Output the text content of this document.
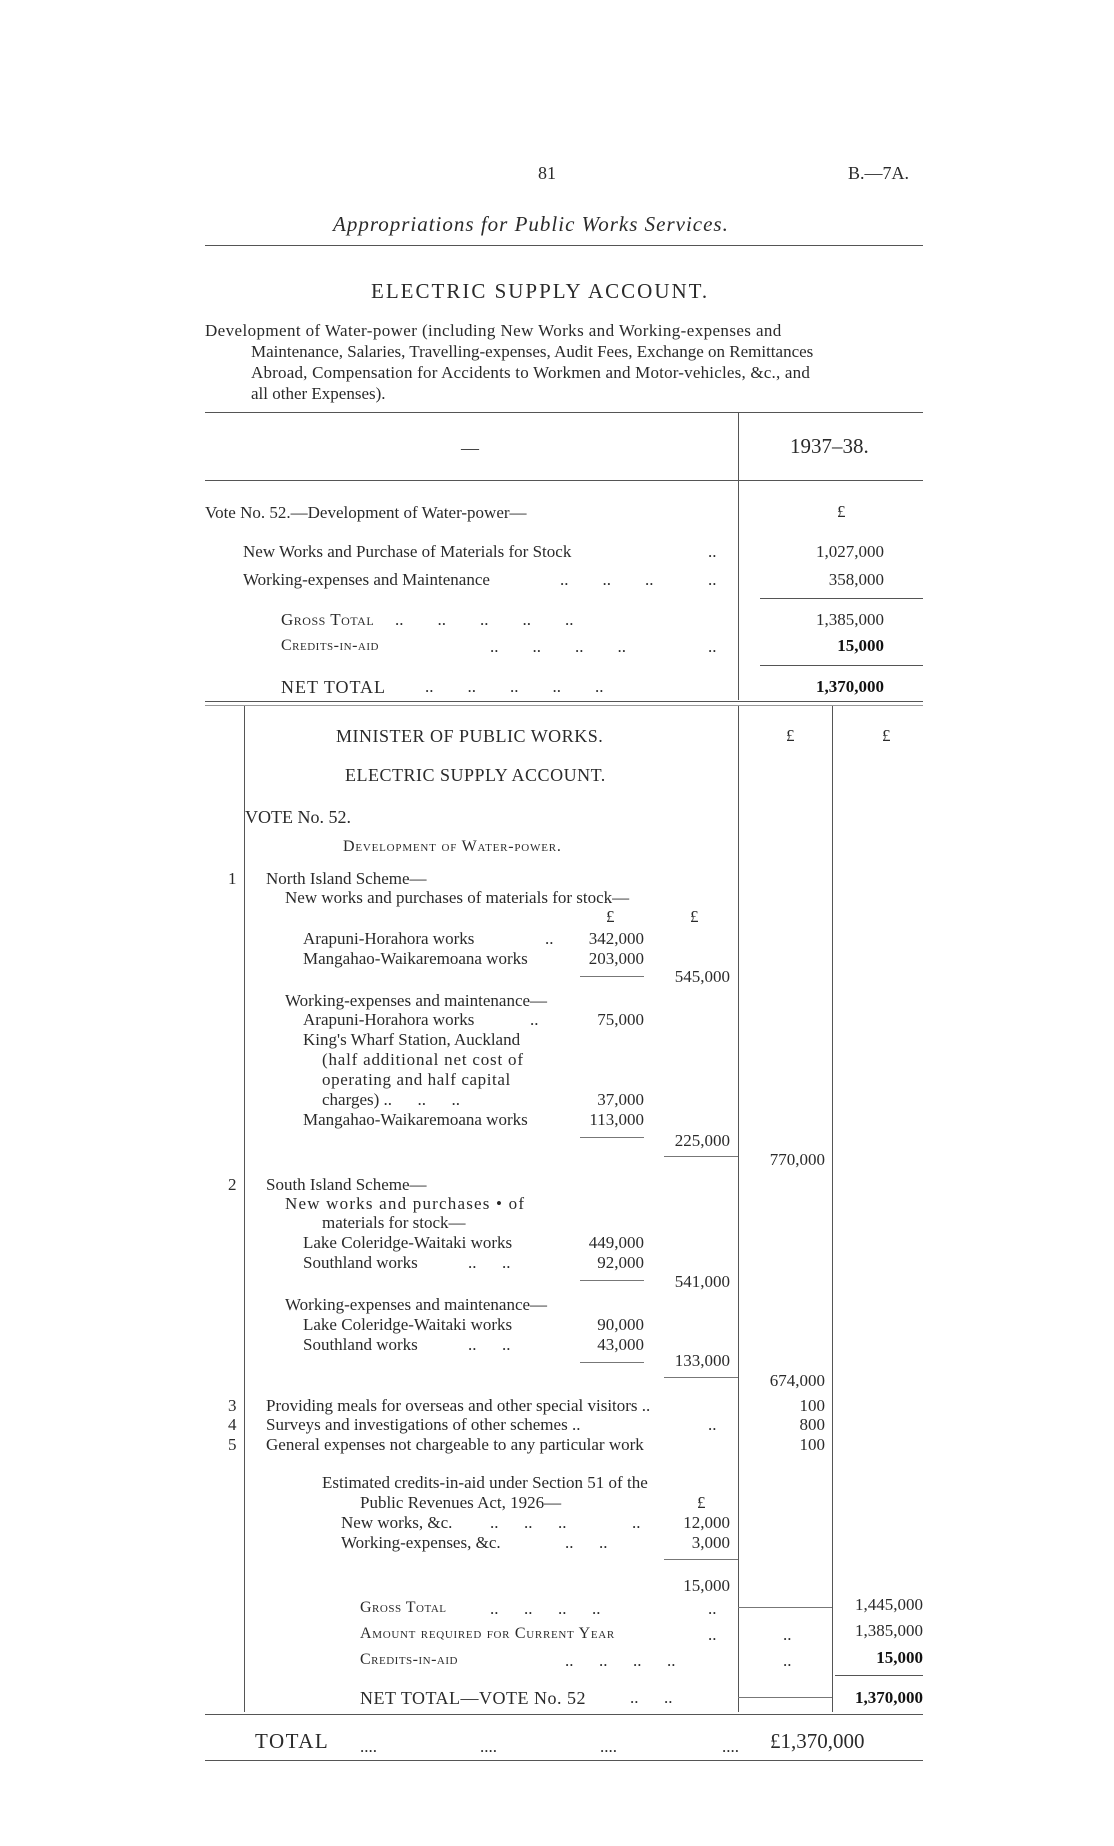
81	B.—7A.
Appropriations for Public Works Services.
ELECTRIC SUPPLY ACCOUNT.
Development of Water-power (including New Works and Working-expenses and
Maintenance, Salaries, Travelling-expenses, Audit Fees, Exchange on Remittances
Abroad, Compensation for Accidents to Workmen and Motor-vehicles, &c., and
all other Expenses).
—	1937–38.
£
Vote No. 52.—Development of Water-power—
New Works and Purchase of Materials for Stock	..	1,027,000
Working-expenses and Maintenance	..        ..        ..	..	358,000
Gross Total ..        ..        ..        ..        ..	1,385,000
Credits-in-aid	..        ..        ..        ..	..	15,000
NET TOTAL ..        ..        ..        ..        ..	1,370,000
MINISTER OF PUBLIC WORKS.	£	£
ELECTRIC SUPPLY ACCOUNT.
VOTE No. 52.
Development of Water-power.
1 North Island Scheme—
New works and purchases of materials for stock—
£	£
Arapuni-Horahora works	..	342,000
Mangahao-Waikaremoana works	203,000
545,000
Working-expenses and maintenance—
Arapuni-Horahora works	..	75,000
King's Wharf Station, Auckland
(half additional net cost of
operating and half capital
charges) ..      ..      ..	37,000
Mangahao-Waikaremoana works	113,000
225,000
770,000
2 South Island Scheme—
New works and purchases • of
materials for stock—
Lake Coleridge-Waitaki works	449,000
Southland works	..      ..	92,000
541,000
Working-expenses and maintenance—
Lake Coleridge-Waitaki works	90,000
Southland works	..      ..	43,000
133,000
674,000
3 Providing meals for overseas and other special visitors ..	100
4 Surveys and investigations of other schemes ..	..	800
5 General expenses not chargeable to any particular work	100
Estimated credits-in-aid under Section 51 of the
Public Revenues Act, 1926—	£
New works, &c. ..      ..      ..	..	12,000
Working-expenses, &c.	..      ..	3,000
15,000
Gross Total	..      ..      ..      ..	..	1,445,000
Amount required for Current Year	..	..	1,385,000
Credits-in-aid	..      ..      ..      ..	..	15,000
NET TOTAL—VOTE No. 52	..      ..	1,370,000
TOTAL ....	....	....	.... £1,370,000
